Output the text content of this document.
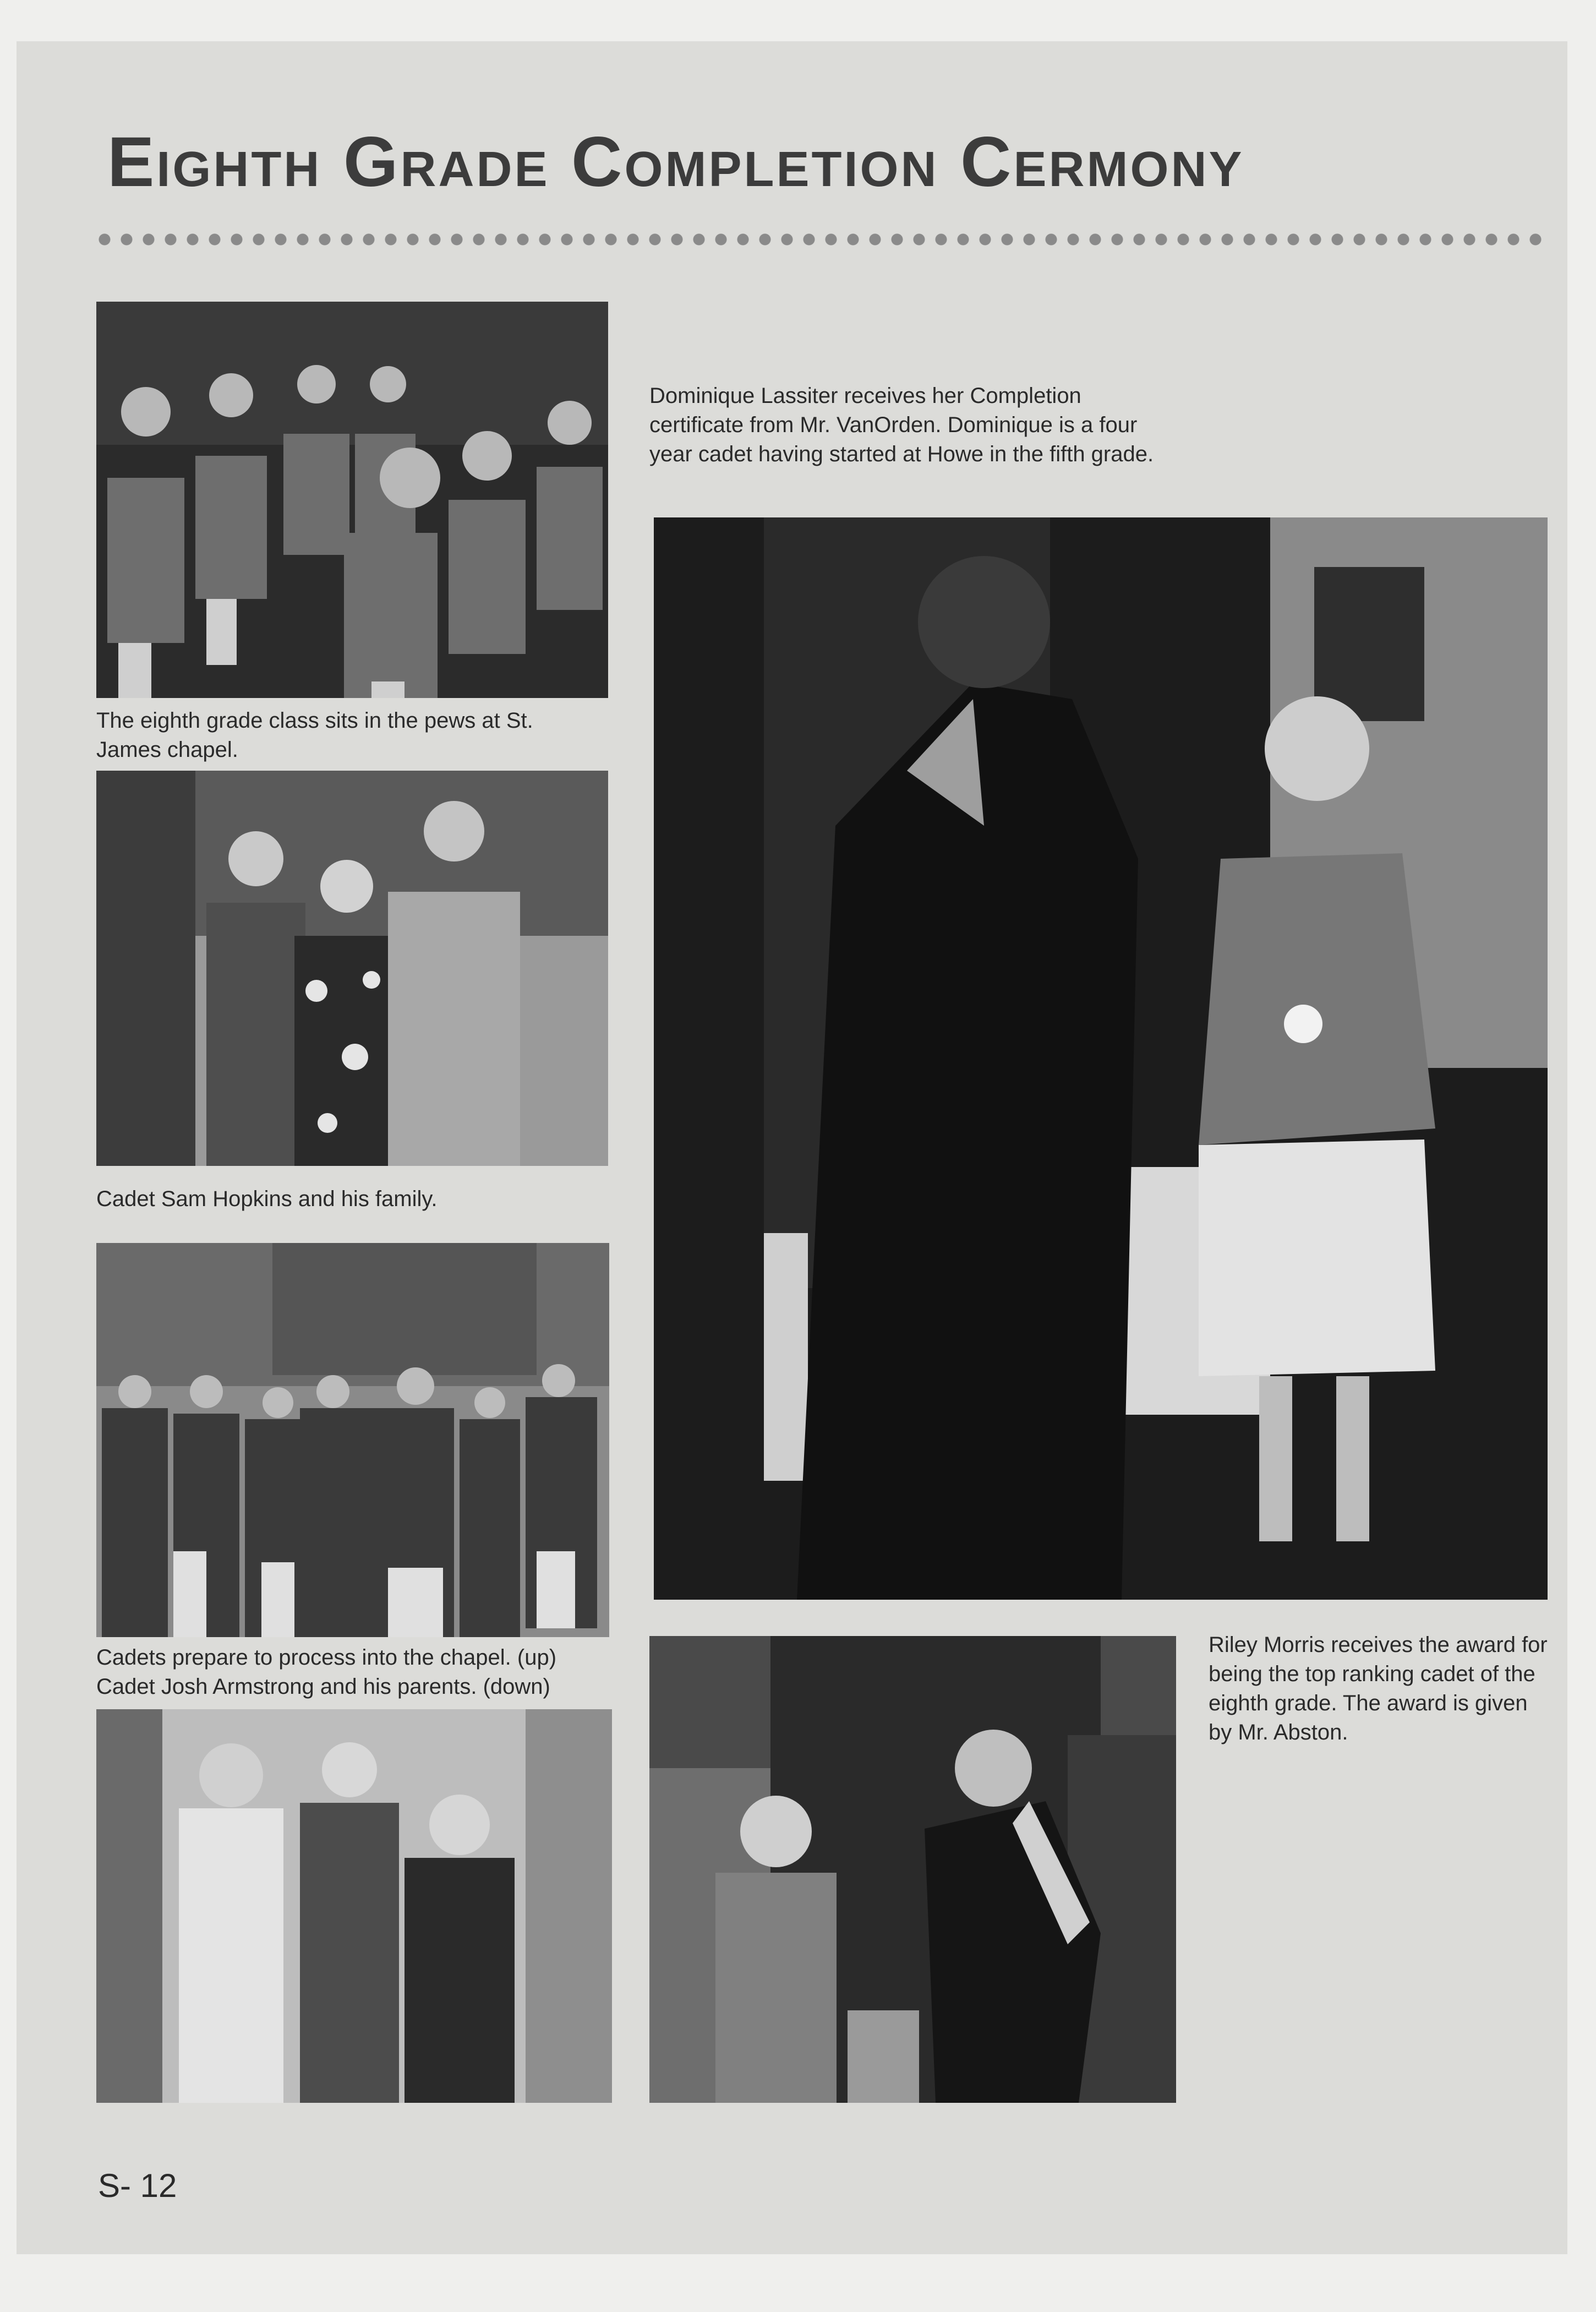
Eighth Grade Completion Cermony
The eighth grade class sits in the pews at St. James chapel.
Cadet Sam Hopkins and his family.
Cadets prepare to process into the chapel. (up) Cadet Josh Armstrong and his parents. (down)
Dominique Lassiter receives her Completion certificate from Mr. VanOrden. Dominique is a four year cadet having started at Howe in the fifth grade.
Riley Morris receives the award for being the top ranking cadet of the eighth grade. The award is given by Mr. Abston.
S- 12
